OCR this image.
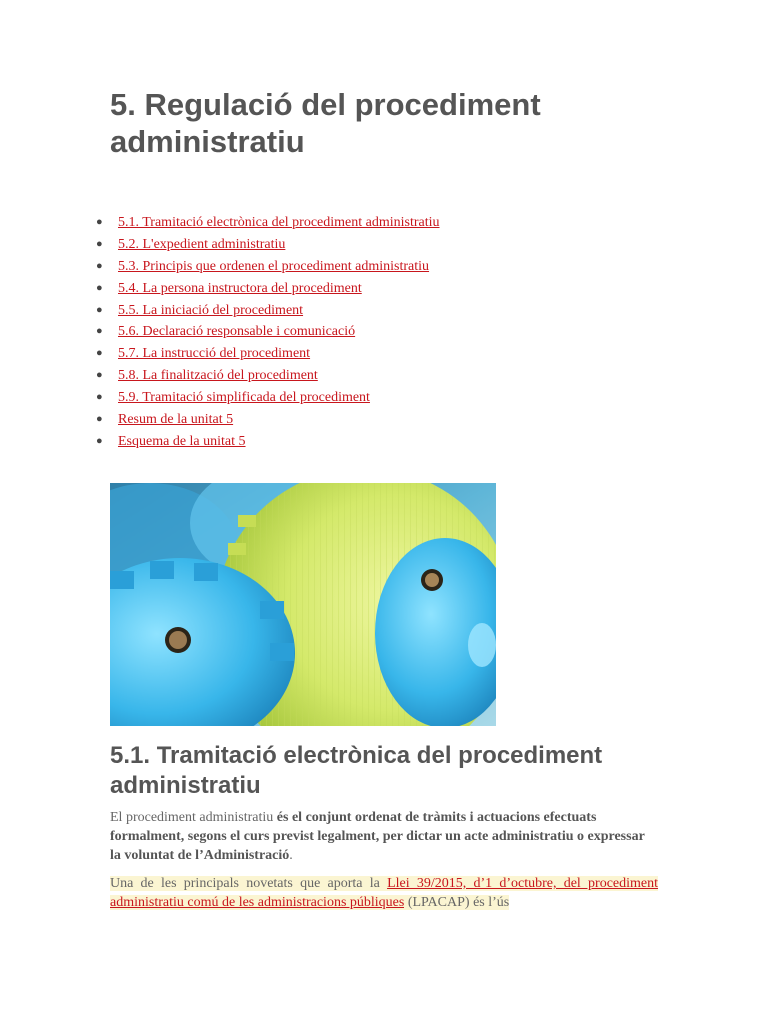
5. Regulació del procediment administratiu
● 5.1. Tramitació electrònica del procediment administratiu
● 5.2. L'expedient administratiu
● 5.3. Principis que ordenen el procediment administratiu
● 5.4. La persona instructora del procediment
● 5.5. La iniciació del procediment
● 5.6. Declaració responsable i comunicació
● 5.7. La instrucció del procediment
● 5.8. La finalització del procediment
● 5.9. Tramitació simplificada del procediment
● Resum de la unitat 5
● Esquema de la unitat 5
5.1. Tramitació electrònica del procediment administratiu

El procediment administratiu és el conjunt ordenat de tràmits i actuacions efectuats formalment, segons el curs previst legalment, per dictar un acte administratiu o expressar la voluntat de l’Administració.

Una de les principals novetats que aporta la Llei 39/2015, d’1 d’octubre, del procediment administratiu comú de les administracions públiques (LPACAP) és l’ús
